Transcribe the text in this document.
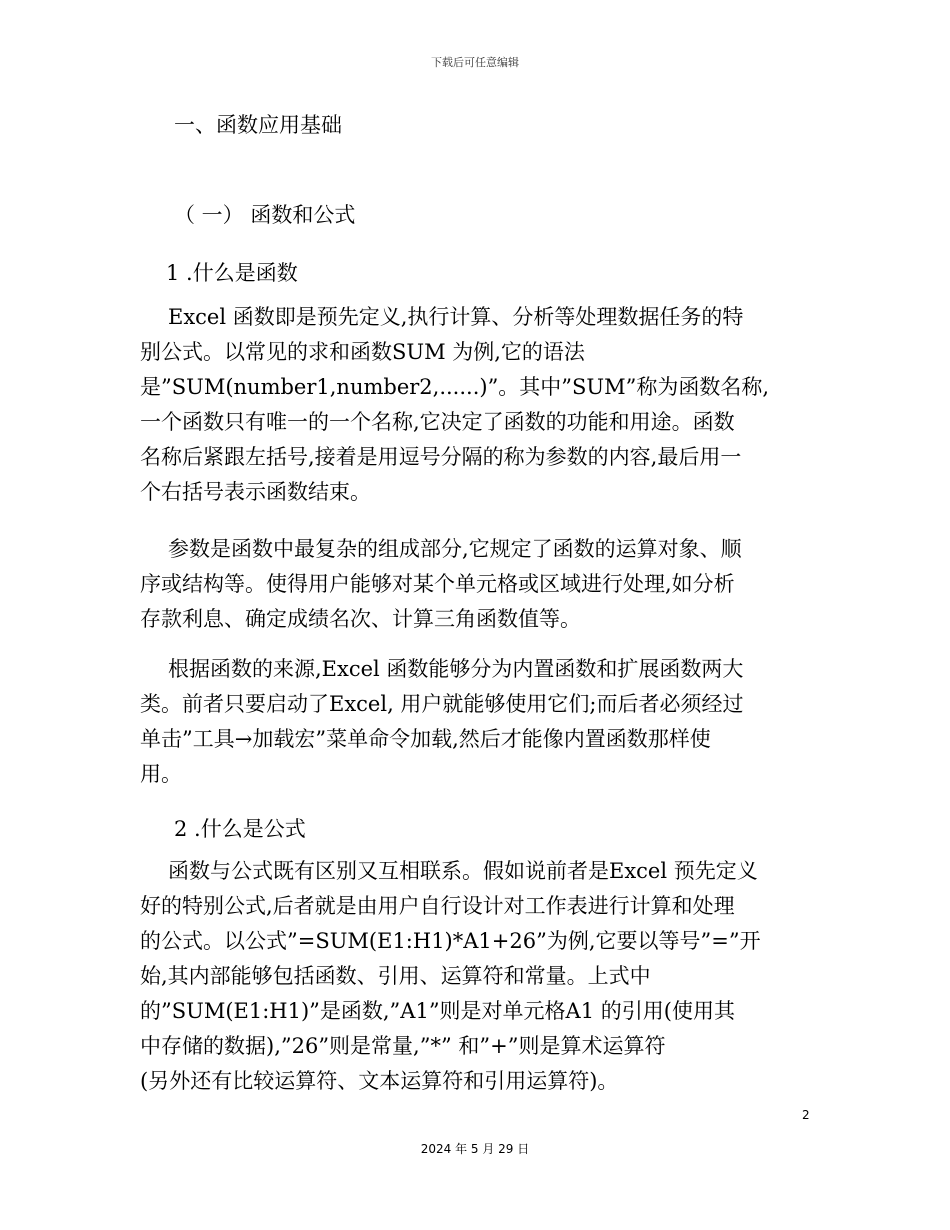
下载后可任意编辑
一、函数应用基础
（ 一） 函数和公式
1 .什么是函数
Excel 函数即是预先定义,执行计算、分析等处理数据任务的特
别公式。以常见的求和函数SUM 为例,它的语法
是”SUM(number1,number2,......)”。其中”SUM”称为函数名称,
一个函数只有唯一的一个名称,它决定了函数的功能和用途。函数
名称后紧跟左括号,接着是用逗号分隔的称为参数的内容,最后用一
个右括号表示函数结束。
参数是函数中最复杂的组成部分,它规定了函数的运算对象、顺
序或结构等。使得用户能够对某个单元格或区域进行处理,如分析
存款利息、确定成绩名次、计算三角函数值等。
根据函数的来源,Excel 函数能够分为内置函数和扩展函数两大
类。前者只要启动了Excel, 用户就能够使用它们;而后者必须经过
单击”工具→加载宏”菜单命令加载,然后才能像内置函数那样使
用。
2 .什么是公式
函数与公式既有区别又互相联系。假如说前者是Excel 预先定义
好的特别公式,后者就是由用户自行设计对工作表进行计算和处理
的公式。以公式”=SUM(E1:H1)*A1+26”为例,它要以等号”=”开
始,其内部能够包括函数、引用、运算符和常量。上式中
的”SUM(E1:H1)”是函数,”A1”则是对单元格A1 的引用(使用其
中存储的数据),”26”则是常量,”*” 和”+”则是算术运算符
(另外还有比较运算符、文本运算符和引用运算符)。
2
2024 年 5 月 29 日
